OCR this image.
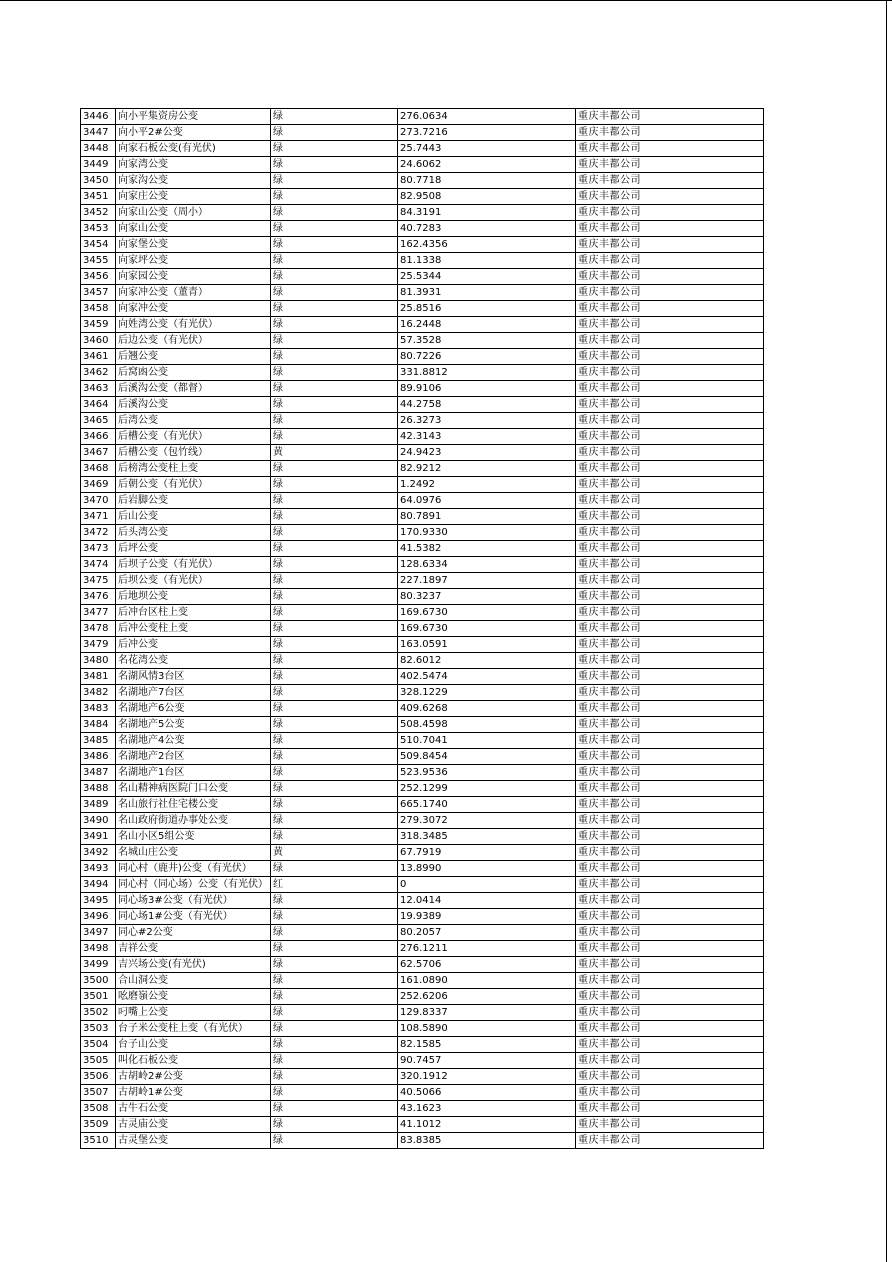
3446	向小平集资房公变	绿	276.0634	重庆丰都公司
3447	向小平2#公变	绿	273.7216	重庆丰都公司
3448	向家石板公变(有光伏)	绿	25.7443	重庆丰都公司
3449	向家湾公变	绿	24.6062	重庆丰都公司
3450	向家沟公变	绿	80.7718	重庆丰都公司
3451	向家庄公变	绿	82.9508	重庆丰都公司
3452	向家山公变（周小）	绿	84.3191	重庆丰都公司
3453	向家山公变	绿	40.7283	重庆丰都公司
3454	向家堡公变	绿	162.4356	重庆丰都公司
3455	向家坪公变	绿	81.1338	重庆丰都公司
3456	向家园公变	绿	25.5344	重庆丰都公司
3457	向家冲公变（董青）	绿	81.3931	重庆丰都公司
3458	向家冲公变	绿	25.8516	重庆丰都公司
3459	向姓湾公变（有光伏）	绿	16.2448	重庆丰都公司
3460	后边公变（有光伏）	绿	57.3528	重庆丰都公司
3461	后翘公变	绿	80.7226	重庆丰都公司
3462	后窝凼公变	绿	331.8812	重庆丰都公司
3463	后溪沟公变（都督）	绿	89.9106	重庆丰都公司
3464	后溪沟公变	绿	44.2758	重庆丰都公司
3465	后湾公变	绿	26.3273	重庆丰都公司
3466	后槽公变（有光伏）	绿	42.3143	重庆丰都公司
3467	后槽公变（包竹线）	黄	24.9423	重庆丰都公司
3468	后榜湾公变柱上变	绿	82.9212	重庆丰都公司
3469	后朝公变（有光伏）	绿	1.2492	重庆丰都公司
3470	后岩脚公变	绿	64.0976	重庆丰都公司
3471	后山公变	绿	80.7891	重庆丰都公司
3472	后头湾公变	绿	170.9330	重庆丰都公司
3473	后坪公变	绿	41.5382	重庆丰都公司
3474	后坝子公变（有光伏）	绿	128.6334	重庆丰都公司
3475	后坝公变（有光伏）	绿	227.1897	重庆丰都公司
3476	后地坝公变	绿	80.3237	重庆丰都公司
3477	后冲台区柱上变	绿	169.6730	重庆丰都公司
3478	后冲公变柱上变	绿	169.6730	重庆丰都公司
3479	后冲公变	绿	163.0591	重庆丰都公司
3480	名花湾公变	绿	82.6012	重庆丰都公司
3481	名湖风情3台区	绿	402.5474	重庆丰都公司
3482	名湖地产7台区	绿	328.1229	重庆丰都公司
3483	名湖地产6公变	绿	409.6268	重庆丰都公司
3484	名湖地产5公变	绿	508.4598	重庆丰都公司
3485	名湖地产4公变	绿	510.7041	重庆丰都公司
3486	名湖地产2台区	绿	509.8454	重庆丰都公司
3487	名湖地产1台区	绿	523.9536	重庆丰都公司
3488	名山精神病医院门口公变	绿	252.1299	重庆丰都公司
3489	名山旅行社住宅楼公变	绿	665.1740	重庆丰都公司
3490	名山政府街道办事处公变	绿	279.3072	重庆丰都公司
3491	名山小区5组公变	绿	318.3485	重庆丰都公司
3492	名城山庄公变	黄	67.7919	重庆丰都公司
3493	同心村（鹿井)公变（有光伏）	绿	13.8990	重庆丰都公司
3494	同心村（同心场）公变（有光伏）	红	0	重庆丰都公司
3495	同心场3#公变（有光伏）	绿	12.0414	重庆丰都公司
3496	同心场1#公变（有光伏）	绿	19.9389	重庆丰都公司
3497	同心#2公变	绿	80.2057	重庆丰都公司
3498	吉祥公变	绿	276.1211	重庆丰都公司
3499	吉兴场公变(有光伏)	绿	62.5706	重庆丰都公司
3500	合山洞公变	绿	161.0890	重庆丰都公司
3501	吆磨嶺公变	绿	252.6206	重庆丰都公司
3502	叼嘴上公变	绿	129.8337	重庆丰都公司
3503	台子米公变柱上变（有光伏）	绿	108.5890	重庆丰都公司
3504	台子山公变	绿	82.1585	重庆丰都公司
3505	叫化石板公变	绿	90.7457	重庆丰都公司
3506	古胡岭2#公变	绿	320.1912	重庆丰都公司
3507	古胡岭1#公变	绿	40.5066	重庆丰都公司
3508	古牛石公变	绿	43.1623	重庆丰都公司
3509	古灵庙公变	绿	41.1012	重庆丰都公司
3510	古灵堡公变	绿	83.8385	重庆丰都公司
